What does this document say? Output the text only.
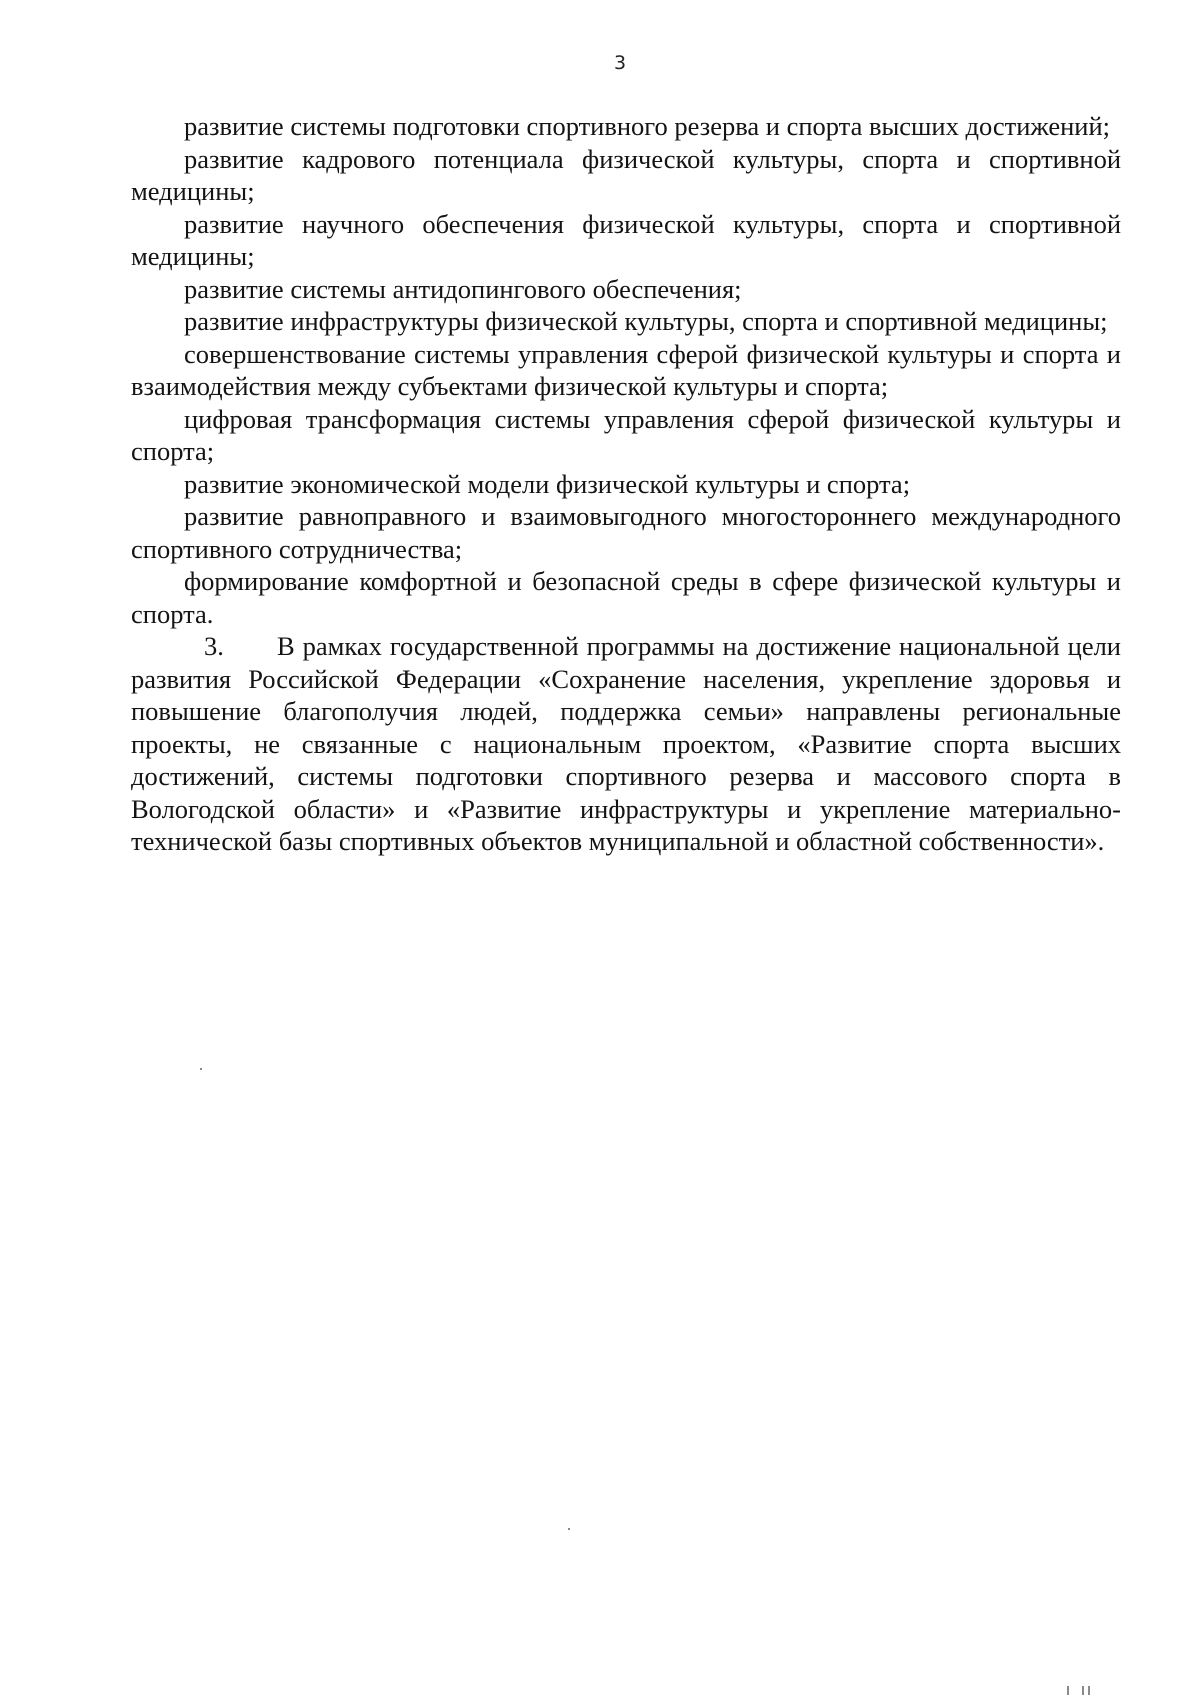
3

развитие системы подготовки спортивного резерва и спорта высших достижений;

развитие кадрового потенциала физической культуры, спорта и спортивной медицины;

развитие научного обеспечения физической культуры, спорта и спортивной медицины;

развитие системы антидопингового обеспечения;

развитие инфраструктуры физической культуры, спорта и спортивной медицины;

совершенствование системы управления сферой физической культуры и спорта и взаимодействия между субъектами физической культуры и спорта;

цифровая трансформация системы управления сферой физической культуры и спорта;

развитие экономической модели физической культуры и спорта;

развитие равноправного и взаимовыгодного многостороннего международного спортивного сотрудничества;

формирование комфортной и безопасной среды в сфере физической культуры и спорта.

3. В рамках государственной программы на достижение национальной цели развития Российской Федерации «Сохранение населения, укрепление здоровья и повышение благополучия людей, поддержка семьи» направлены региональные проекты, не связанные с национальным проектом, «Развитие спорта высших достижений, системы подготовки спортивного резерва и массового спорта в Вологодской области» и «Развитие инфраструктуры и укрепление материально-технической базы спортивных объектов муниципальной и областной собственности».
